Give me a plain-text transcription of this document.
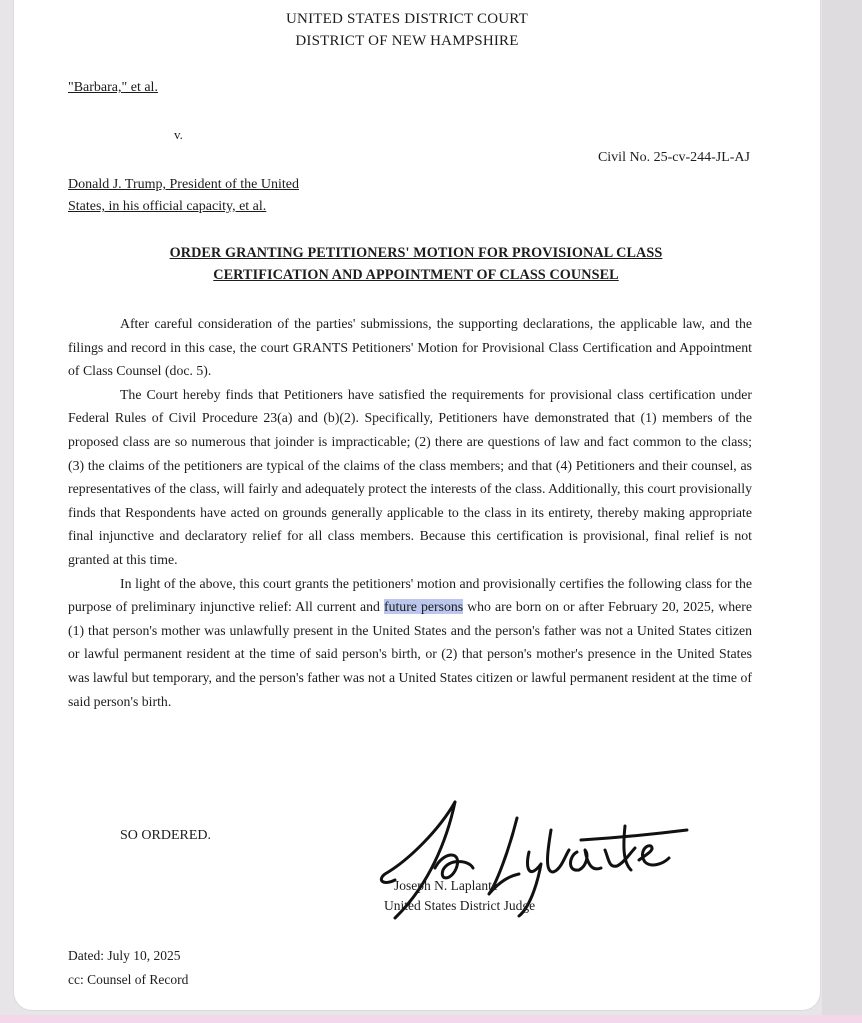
UNITED STATES DISTRICT COURT
DISTRICT OF NEW HAMPSHIRE
"Barbara," et al.
v.
Civil No. 25-cv-244-JL-AJ
Donald J. Trump, President of the United
States, in his official capacity, et al.
ORDER GRANTING PETITIONERS' MOTION FOR PROVISIONAL CLASS
CERTIFICATION AND APPOINTMENT OF CLASS COUNSEL

After careful consideration of the parties' submissions, the supporting declarations, the applicable law, and the filings and record in this case, the court GRANTS Petitioners' Motion for Provisional Class Certification and Appointment of Class Counsel (doc. 5).

The Court hereby finds that Petitioners have satisfied the requirements for provisional class certification under Federal Rules of Civil Procedure 23(a) and (b)(2). Specifically, Petitioners have demonstrated that (1) members of the proposed class are so numerous that joinder is impracticable; (2) there are questions of law and fact common to the class; (3) the claims of the petitioners are typical of the claims of the class members; and that (4) Petitioners and their counsel, as representatives of the class, will fairly and adequately protect the interests of the class. Additionally, this court provisionally finds that Respondents have acted on grounds generally applicable to the class in its entirety, thereby making appropriate final injunctive and declaratory relief for all class members. Because this certification is provisional, final relief is not granted at this time.

In light of the above, this court grants the petitioners' motion and provisionally certifies the following class for the purpose of preliminary injunctive relief: All current and future persons who are born on or after February 20, 2025, where (1) that person's mother was unlawfully present in the United States and the person's father was not a United States citizen or lawful permanent resident at the time of said person's birth, or (2) that person's mother's presence in the United States was lawful but temporary, and the person's father was not a United States citizen or lawful permanent resident at the time of said person's birth.

SO ORDERED.
Joseph N. Laplante
United States District Judge
Dated: July 10, 2025
cc: Counsel of Record
